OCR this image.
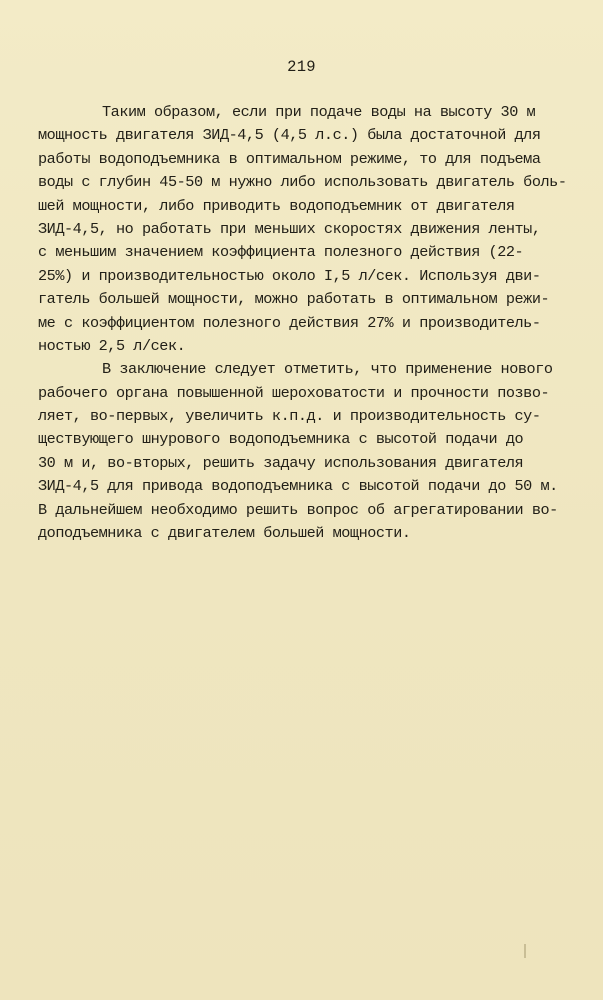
219
Таким образом, если при подаче воды на высоту 30 м
мощность двигателя ЗИД-4,5 (4,5 л.с.) была достаточной для
работы водоподъемника в оптимальном режиме, то для подъема
воды с глубин 45-50 м нужно либо использовать двигатель боль-
шей мощности, либо приводить водоподъемник от двигателя
ЗИД-4,5, но работать при меньших скоростях движения ленты,
с меньшим значением коэффициента полезного действия (22-
25%) и производительностью около I,5 л/сек. Используя дви-
гатель большей мощности, можно работать в оптимальном режи-
ме с коэффициентом полезного действия 27% и производитель-
ностью 2,5 л/сек.
В заключение следует отметить, что применение нового
рабочего органа повышенной шероховатости и прочности позво-
ляет, во-первых, увеличить к.п.д. и производительность су-
ществующего шнурового водоподъемника с высотой подачи до
30 м и, во-вторых, решить задачу использования двигателя
ЗИД-4,5 для привода водоподъемника с высотой подачи до 50 м.
В дальнейшем необходимо решить вопрос об агрегатировании во-
доподъемника с двигателем большей мощности.
